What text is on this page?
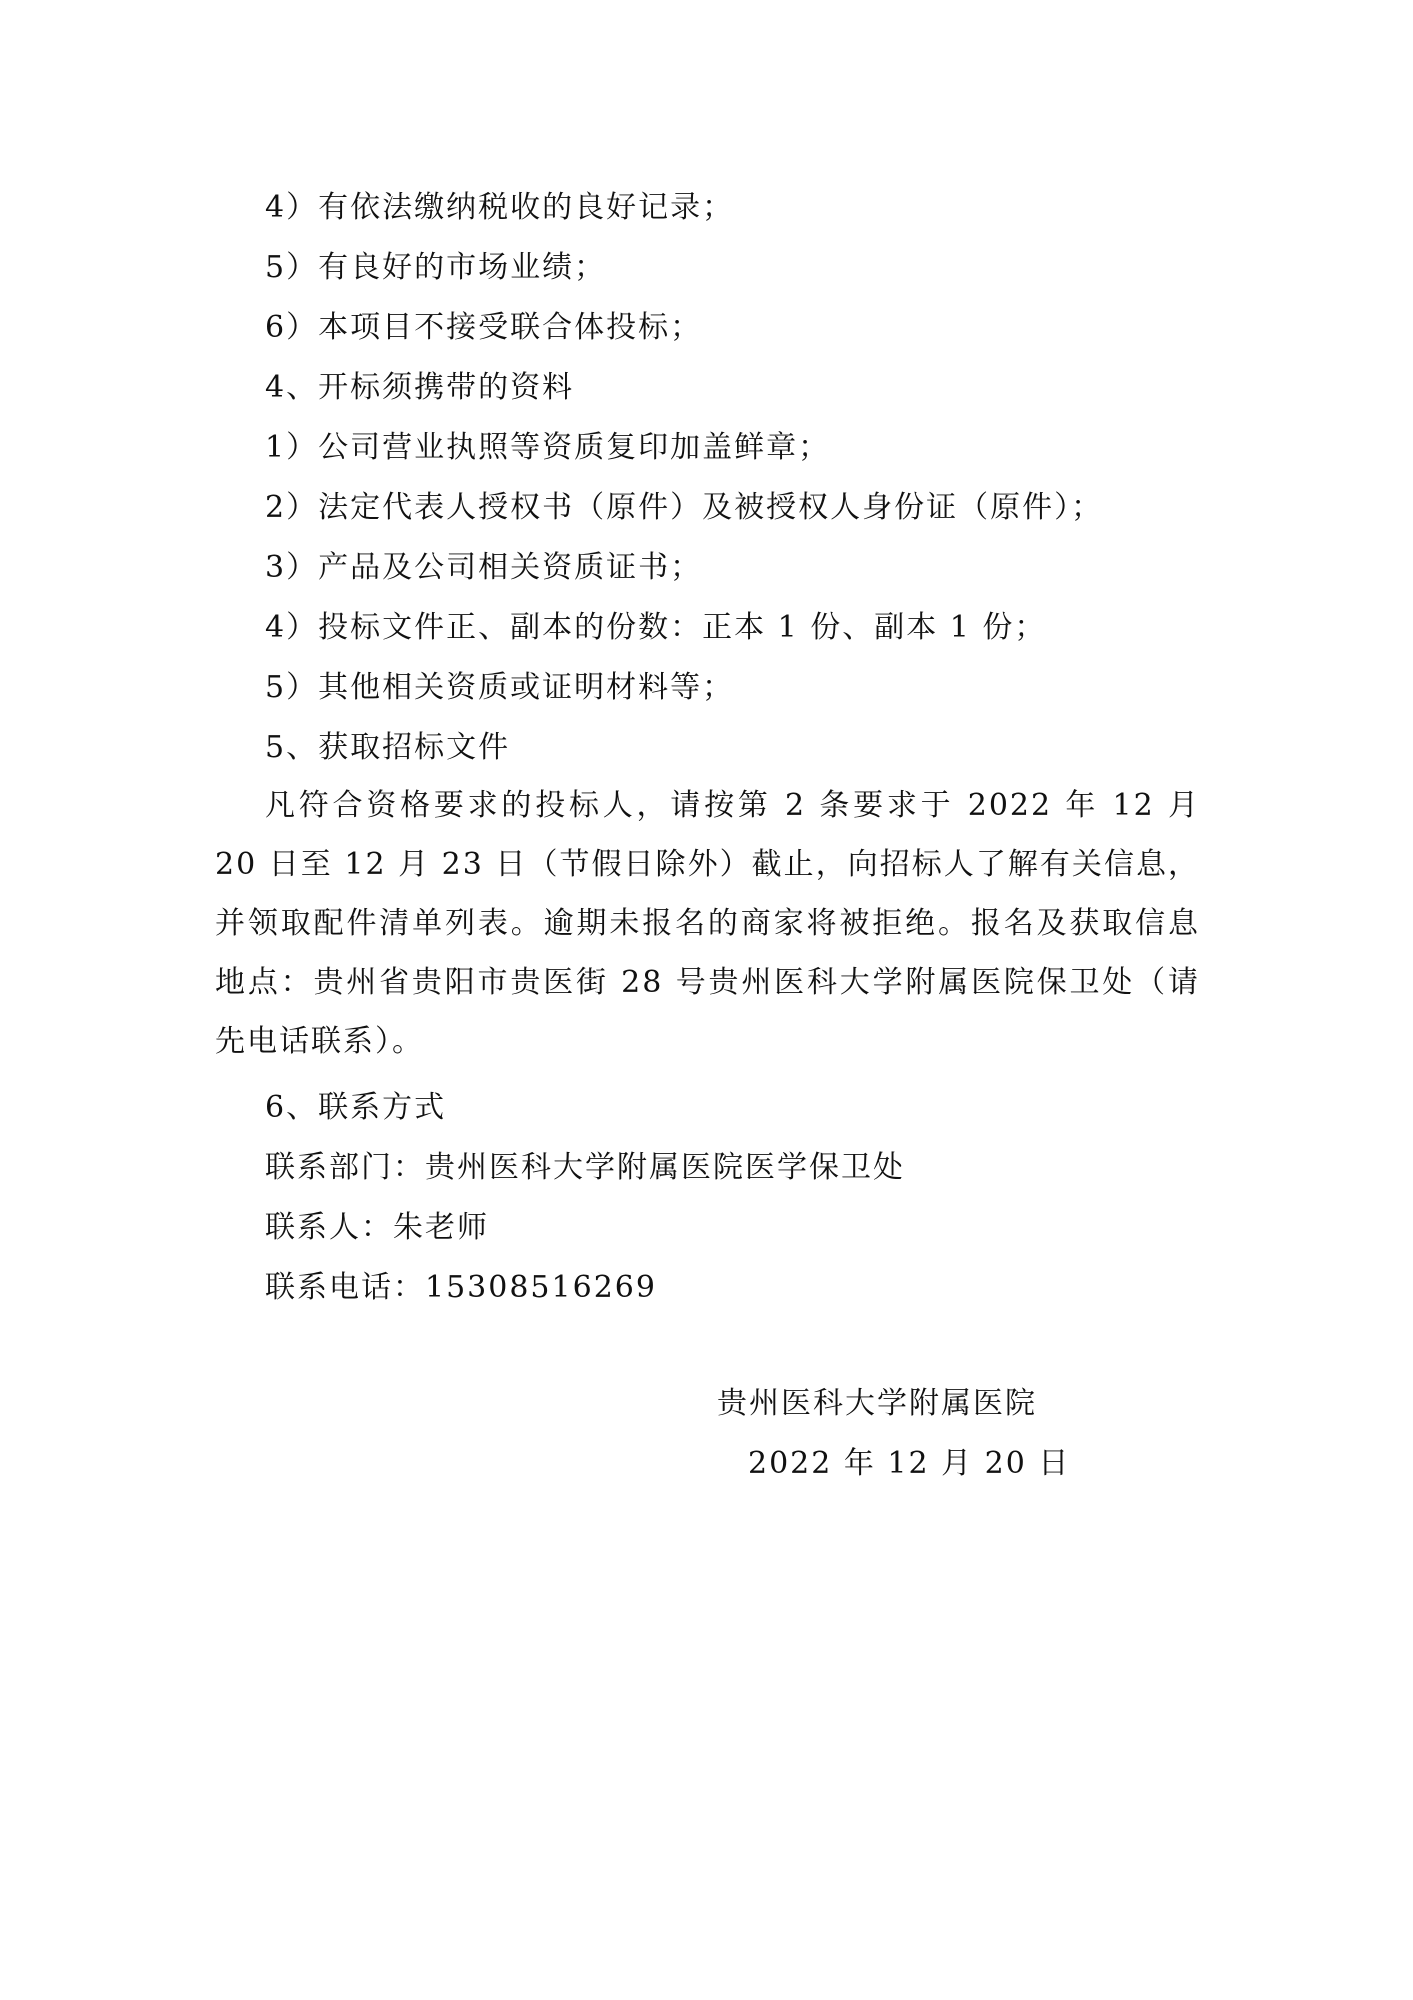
4）有依法缴纳税收的良好记录；
5）有良好的市场业绩；
6）本项目不接受联合体投标；
4、开标须携带的资料
1）公司营业执照等资质复印加盖鲜章；
2）法定代表人授权书（原件）及被授权人身份证（原件）；
3）产品及公司相关资质证书；
4）投标文件正、副本的份数：正本 1 份、副本 1 份；
5）其他相关资质或证明材料等；
5、获取招标文件
凡符合资格要求的投标人，请按第 2 条要求于 2022 年 12 月 20 日至 12 月 23 日（节假日除外）截止，向招标人了解有关信息，并领取配件清单列表。逾期未报名的商家将被拒绝。报名及获取信息地点：贵州省贵阳市贵医街 28 号贵州医科大学附属医院保卫处（请先电话联系）。
6、联系方式
联系部门：贵州医科大学附属医院医学保卫处
联系人：朱老师
联系电话：15308516269
贵州医科大学附属医院
2022 年 12 月 20 日
